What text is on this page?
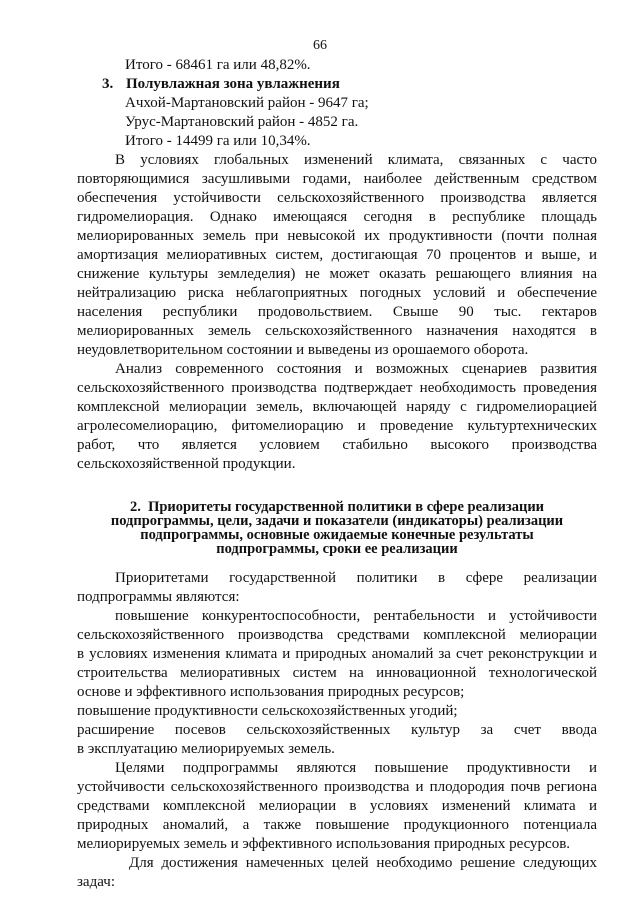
66
Итого - 68461 га или 48,82%.
3. Полувлажная зона увлажнения
Ачхой-Мартановский район - 9647 га;
Урус-Мартановский район - 4852 га.
Итого - 14499 га или 10,34%.
В условиях глобальных изменений климата, связанных с часто
повторяющимися засушливыми годами, наиболее действенным средством
обеспечения устойчивости сельскохозяйственного производства является
гидромелиорация. Однако имеющаяся сегодня в республике площадь
мелиорированных земель при невысокой их продуктивности (почти полная
амортизация мелиоративных систем, достигающая 70 процентов и выше, и
снижение культуры земледелия) не может оказать решающего влияния на
нейтрализацию риска неблагоприятных погодных условий и обеспечение
населения республики продовольствием. Свыше 90 тыс. гектаров
мелиорированных земель сельскохозяйственного назначения находятся в
неудовлетворительном состоянии и выведены из орошаемого оборота.
Анализ современного состояния и возможных сценариев развития
сельскохозяйственного производства подтверждает необходимость проведения
комплексной мелиорации земель, включающей наряду с гидромелиорацией
агролесомелиорацию, фитомелиорацию и проведение культуртехнических
работ, что является условием стабильно высокого производства
сельскохозяйственной продукции.
2. Приоритеты государственной политики в сфере реализации
подпрограммы, цели, задачи и показатели (индикаторы) реализации
подпрограммы, основные ожидаемые конечные результаты
подпрограммы, сроки ее реализации
Приоритетами государственной политики в сфере реализации
подпрограммы являются:
повышение конкурентоспособности, рентабельности и устойчивости
сельскохозяйственного производства средствами комплексной мелиорации
в условиях изменения климата и природных аномалий за счет реконструкции и
строительства мелиоративных систем на инновационной технологической
основе и эффективного использования природных ресурсов;
повышение продуктивности сельскохозяйственных угодий;
расширение посевов сельскохозяйственных культур за счет ввода
в эксплуатацию мелиорируемых земель.
Целями подпрограммы являются повышение продуктивности и
устойчивости сельскохозяйственного производства и плодородия почв региона
средствами комплексной мелиорации в условиях изменений климата и
природных аномалий, а также повышение продукционного потенциала
мелиорируемых земель и эффективного использования природных ресурсов.
Для достижения намеченных целей необходимо решение следующих
задач:
